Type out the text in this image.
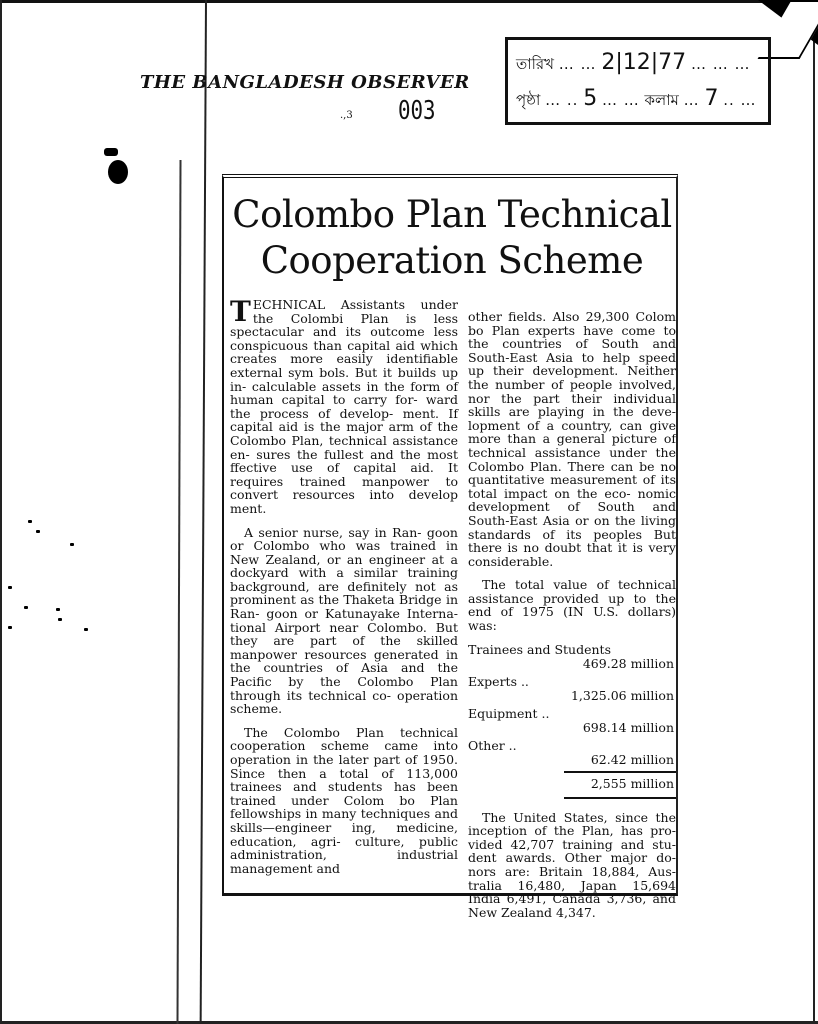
THE BANGLADESH OBSERVER
.,3 003
তারিখ … … 2|12|77 … … …
পৃষ্ঠা … .. 5 … … কলাম … 7 .. …
Colombo Plan Technical
Cooperation Scheme

TECHNICAL Assistants under the Colombi Plan is less spectacular and its outcome less conspicuous than capital aid which creates more easily identifiable external sym bols. But it builds up in- calculable assets in the form of human capital to carry for- ward the process of develop- ment. If capital aid is the major arm of the Colombo Plan, technical assistance en- sures the fullest and the most ffective use of capital aid. It requires trained manpower to convert resources into develop ment.

A senior nurse, say in Ran- goon or Colombo who was trained in New Zealand, or an engineer at a dockyard with a similar training background, are definitely not as prominent as the Thaketa Bridge in Ran- goon or Katunayake Interna- tional Airport near Colombo. But they are part of the skilled manpower resources generated in the countries of Asia and the Pacific by the Colombo Plan through its technical co- operation scheme.

The Colombo Plan technical cooperation scheme came into operation in the later part of 1950. Since then a total of 113,000 trainees and students has been trained under Colom bo Plan fellowships in many techniques and skills—engineer ing, medicine, education, agri- culture, public administration, industrial management and

other fields. Also 29,300 Colom bo Plan experts have come to the countries of South and South-East Asia to help speed up their development. Neither the number of people involved, nor the part their individual skills are playing in the deve- lopment of a country, can give more than a general picture of technical assistance under the Colombo Plan. There can be no quantitative measurement of its total impact on the eco- nomic development of South and South-East Asia or on the living standards of its peoples But there is no doubt that it is very considerable.

The total value of technical assistance provided up to the end of 1975 (IN U.S. dollars) was:

Trainees and Students
469.28 million
Experts ..
1,325.06 million
Equipment ..
698.14 million
Other ..
62.42 million
2,555 million

The United States, since the inception of the Plan, has pro- vided 42,707 training and stu- dent awards. Other major do- nors are: Britain 18,884, Aus- tralia 16,480, Japan 15,694 India 6,491, Canada 3,736, and New Zealand 4,347.
